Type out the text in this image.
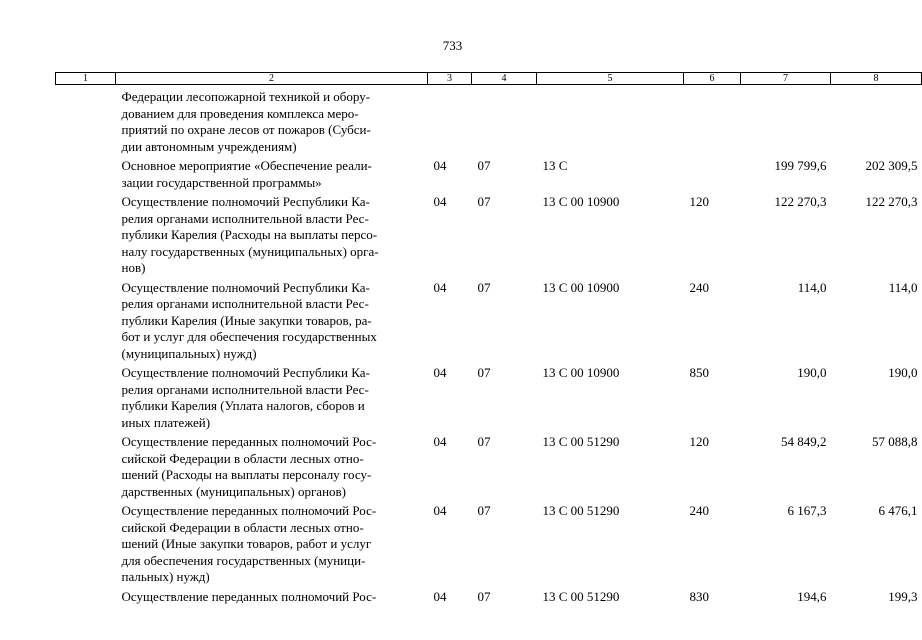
733
1	2	3	4	5	6	7	8

	Федерации лесопожарной техникой и обору-
дованием для проведения комплекса меро-
приятий по охране лесов от пожаров (Субси-
дии автономным учреждениям)						

	Основное мероприятие «Обеспечение реали-
зации государственной программы»	04	07	13 С		199 799,6	202 309,5

	Осуществление полномочий Республики Ка-
релия органами исполнительной власти Рес-
публики Карелия (Расходы на выплаты персо-
налу государственных (муниципальных) орга-
нов)	04	07	13 С 00 10900	120	122 270,3	122 270,3

	Осуществление полномочий Республики Ка-
релия органами исполнительной власти Рес-
публики Карелия (Иные закупки товаров, ра-
бот и услуг для обеспечения государственных
(муниципальных) нужд)	04	07	13 С 00 10900	240	114,0	114,0

	Осуществление полномочий Республики Ка-
релия органами исполнительной власти Рес-
публики Карелия (Уплата налогов, сборов и
иных платежей)	04	07	13 С 00 10900	850	190,0	190,0

	Осуществление переданных полномочий Рос-
сийской Федерации в области лесных отно-
шений (Расходы на выплаты персоналу госу-
дарственных (муниципальных) органов)	04	07	13 С 00 51290	120	54 849,2	57 088,8

	Осуществление переданных полномочий Рос-
сийской Федерации в области лесных отно-
шений (Иные закупки товаров, работ и услуг
для обеспечения государственных (муници-
пальных) нужд)	04	07	13 С 00 51290	240	6 167,3	6 476,1

	Осуществление переданных полномочий Рос-	04	07	13 С 00 51290	830	194,6	199,3
